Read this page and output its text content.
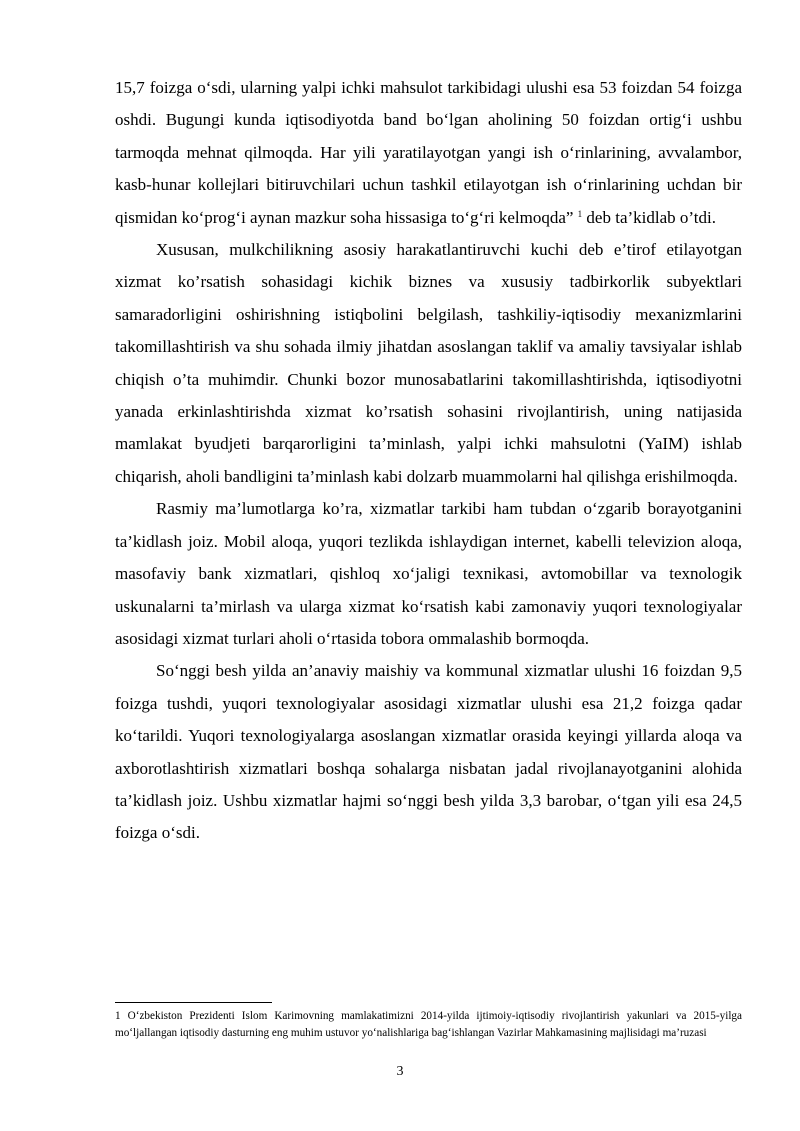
15,7 foizga oʻsdi, ularning yalpi ichki mahsulot tarkibidagi ulushi esa 53 foizdan 54 foizga oshdi. Bugungi kunda iqtisodiyotda band boʻlgan aholining 50 foizdan ortigʻi ushbu tarmoqda mehnat qilmoqda. Har yili yaratilayotgan yangi ish oʻrinlarining, avvalambor, kasb-hunar kollejlari bitiruvchilari uchun tashkil etilayotgan ish oʻrinlarining uchdan bir qismidan koʻprogʻi aynan mazkur soha hissasiga toʻgʻri kelmoqda” $^1$ deb ta’kidlab o’tdi.

Xususan, mulkchilikning asosiy harakatlantiruvchi kuchi deb e’tirof etilayotgan xizmat ko’rsatish sohasidagi kichik biznes va xususiy tadbirkorlik subyektlari samaradorligini oshirishning istiqbolini belgilash, tashkiliy-iqtisodiy mexanizmlarini takomillashtirish va shu sohada ilmiy jihatdan asoslangan taklif va amaliy tavsiyalar ishlab chiqish o’ta muhimdir. Chunki bozor munosabatlarini takomillashtirishda, iqtisodiyotni yanada erkinlashtirishda xizmat ko’rsatish sohasini rivojlantirish, uning natijasida mamlakat byudjeti barqarorligini ta’minlash, yalpi ichki mahsulotni (YaIM) ishlab chiqarish, aholi bandligini ta’minlash kabi dolzarb muammolarni hal qilishga erishilmoqda.

Rasmiy ma’lumotlarga ko’ra, xizmatlar tarkibi ham tubdan oʻzgarib borayotganini ta’kidlash joiz. Mobil aloqa, yuqori tezlikda ishlaydigan internet, kabelli televizion aloqa, masofaviy bank xizmatlari, qishloq xoʻjaligi texnikasi, avtomobillar va texnologik uskunalarni ta’mirlash va ularga xizmat koʻrsatish kabi zamonaviy yuqori texnologiyalar asosidagi xizmat turlari aholi oʻrtasida tobora ommalashib bormoqda.

Soʻnggi besh yilda an’anaviy maishiy va kommunal xizmatlar ulushi 16 foizdan 9,5 foizga tushdi, yuqori texnologiyalar asosidagi xizmatlar ulushi esa 21,2 foizga qadar koʻtarildi. Yuqori texnologiyalarga asoslangan xizmatlar orasida keyingi yillarda aloqa va axborotlashtirish xizmatlari boshqa sohalarga nisbatan jadal rivojlanayotganini alohida ta’kidlash joiz. Ushbu xizmatlar hajmi soʻnggi besh yilda 3,3 barobar, oʻtgan yili esa 24,5 foizga oʻsdi.

1 Oʻzbekiston Prezidenti Islom Karimovning mamlakatimizni 2014-yilda ijtimoiy-iqtisodiy rivojlantirish yakunlari va 2015-yilga moʻljallangan iqtisodiy dasturning eng muhim ustuvor yoʻnalishlariga bagʻishlangan Vazirlar Mahkamasining majlisidagi ma’ruzasi
3
